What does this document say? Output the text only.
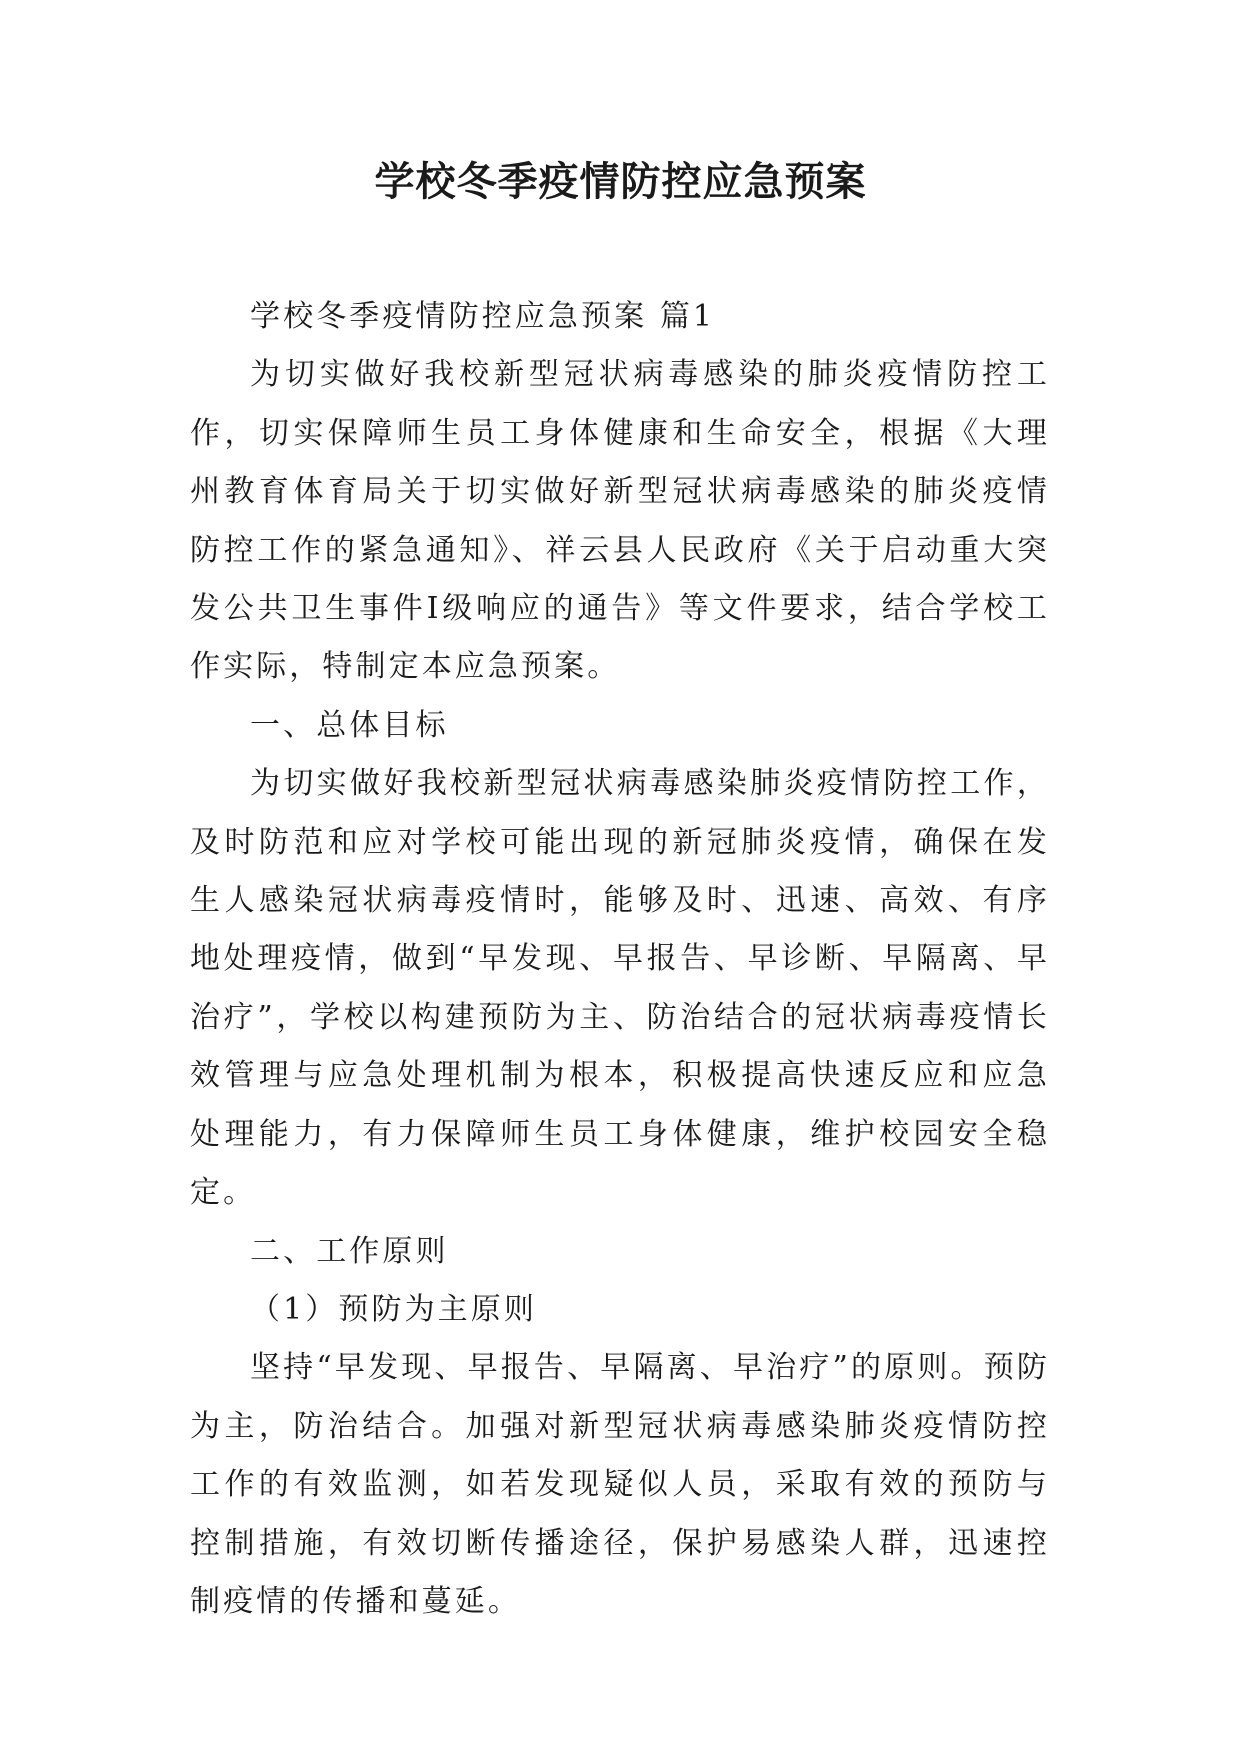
学校冬季疫情防控应急预案

学校冬季疫情防控应急预案 篇1

为切实做好我校新型冠状病毒感染的肺炎疫情防控工作，切实保障师生员工身体健康和生命安全，根据《大理州教育体育局关于切实做好新型冠状病毒感染的肺炎疫情防控工作的紧急通知》、祥云县人民政府《关于启动重大突发公共卫生事件Ⅰ级响应的通告》等文件要求，结合学校工作实际，特制定本应急预案。

一、总体目标

为切实做好我校新型冠状病毒感染肺炎疫情防控工作，及时防范和应对学校可能出现的新冠肺炎疫情，确保在发生人感染冠状病毒疫情时，能够及时、迅速、高效、有序地处理疫情，做到“早发现、早报告、早诊断、早隔离、早治疗”，学校以构建预防为主、防治结合的冠状病毒疫情长效管理与应急处理机制为根本，积极提高快速反应和应急处理能力，有力保障师生员工身体健康，维护校园安全稳定。

二、工作原则

（1）预防为主原则

坚持“早发现、早报告、早隔离、早治疗”的原则。预防为主，防治结合。加强对新型冠状病毒感染肺炎疫情防控工作的有效监测，如若发现疑似人员，采取有效的预防与控制措施，有效切断传播途径，保护易感染人群，迅速控制疫情的传播和蔓延。
